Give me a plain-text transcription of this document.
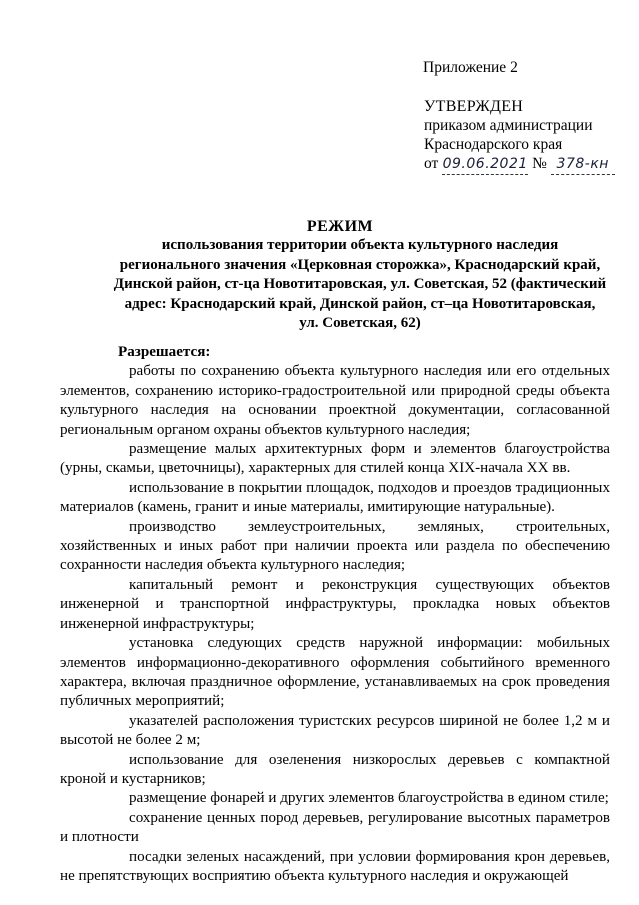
Приложение 2
УТВЕРЖДЕН
приказом администрации
Краснодарского края
от 09.06.2021 № 378-кн
РЕЖИМ
использования территории объекта культурного наследия
регионального значения «Церковная сторожка», Краснодарский край,
Динской район, ст-ца Новотитаровская, ул. Советская, 52 (фактический
адрес: Краснодарский край, Динской район, ст–ца Новотитаровская,
ул. Советская, 62)
Разрешается:

работы по сохранению объекта культурного наследия или его отдельных элементов, сохранению историко-градостроительной или природной среды объекта культурного наследия на основании проектной документации, согласованной региональным органом охраны объектов культурного наследия;

размещение малых архитектурных форм и элементов благоустройства (урны, скамьи, цветочницы), характерных для стилей конца XIX-начала XX вв.

использование в покрытии площадок, подходов и проездов традиционных материалов (камень, гранит и иные материалы, имитирующие натуральные).

производство землеустроительных, земляных, строительных, хозяйственных и иных работ при наличии проекта или раздела по обеспечению сохранности наследия объекта культурного наследия;

капитальный ремонт и реконструкция существующих объектов инженерной и транспортной инфраструктуры, прокладка новых объектов инженерной инфраструктуры;

установка следующих средств наружной информации: мобильных элементов информационно-декоративного оформления событийного временного характера, включая праздничное оформление, устанавливаемых на срок проведения публичных мероприятий;

указателей расположения туристских ресурсов шириной не более 1,2 м и высотой не более 2 м;

использование для озеленения низкорослых деревьев с компактной кроной и кустарников;

размещение фонарей и других элементов благоустройства в едином стиле;

сохранение ценных пород деревьев, регулирование высотных параметров и плотности

посадки зеленых насаждений, при условии формирования крон деревьев, не препятствующих восприятию объекта культурного наследия и окружающей
